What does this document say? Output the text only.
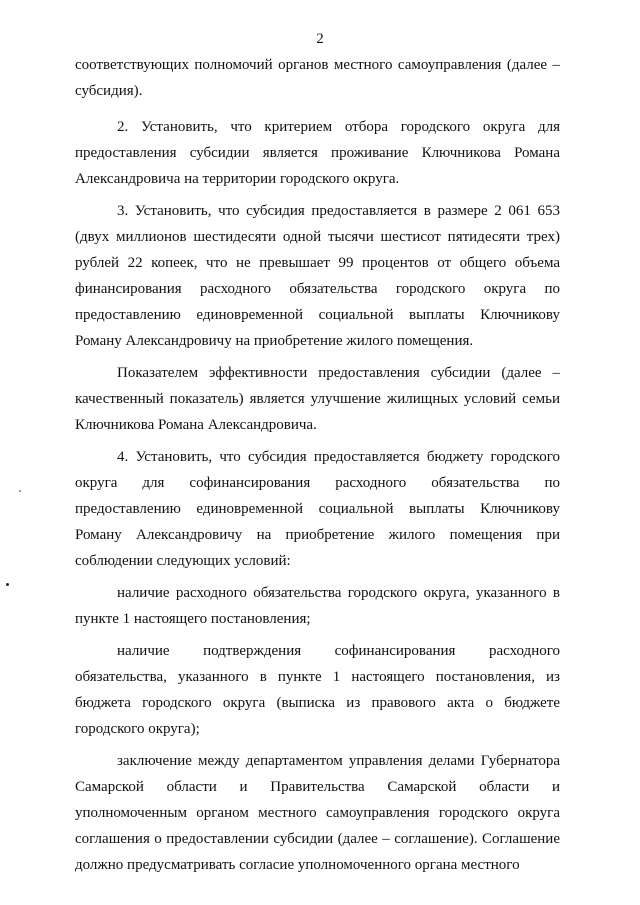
2

соответствующих полномочий органов местного самоуправления (далее – субсидия).

2. Установить, что критерием отбора городского округа для предоставления субсидии является проживание Ключникова Романа Александровича на территории городского округа.

3. Установить, что субсидия предоставляется в размере 2 061 653 (двух миллионов шестидесяти одной тысячи шестисот пятидесяти трех) рублей 22 копеек, что не превышает 99 процентов от общего объема финансирования расходного обязательства городского округа по предоставлению единовременной социальной выплаты Ключникову Роману Александровичу на приобретение жилого помещения.

Показателем эффективности предоставления субсидии (далее – качественный показатель) является улучшение жилищных условий семьи Ключникова Романа Александровича.

4. Установить, что субсидия предоставляется бюджету городского округа для софинансирования расходного обязательства по предоставлению единовременной социальной выплаты Ключникову Роману Александровичу на приобретение жилого помещения при соблюдении следующих условий:

наличие расходного обязательства городского округа, указанного в пункте 1 настоящего постановления;

наличие подтверждения софинансирования расходного обязательства, указанного в пункте 1 настоящего постановления, из бюджета городского округа (выписка из правового акта о бюджете городского округа);

заключение между департаментом управления делами Губернатора Самарской области и Правительства Самарской области и уполномоченным органом местного самоуправления городского округа соглашения о предоставлении субсидии (далее – соглашение). Соглашение должно предусматривать согласие уполномоченного органа местного
